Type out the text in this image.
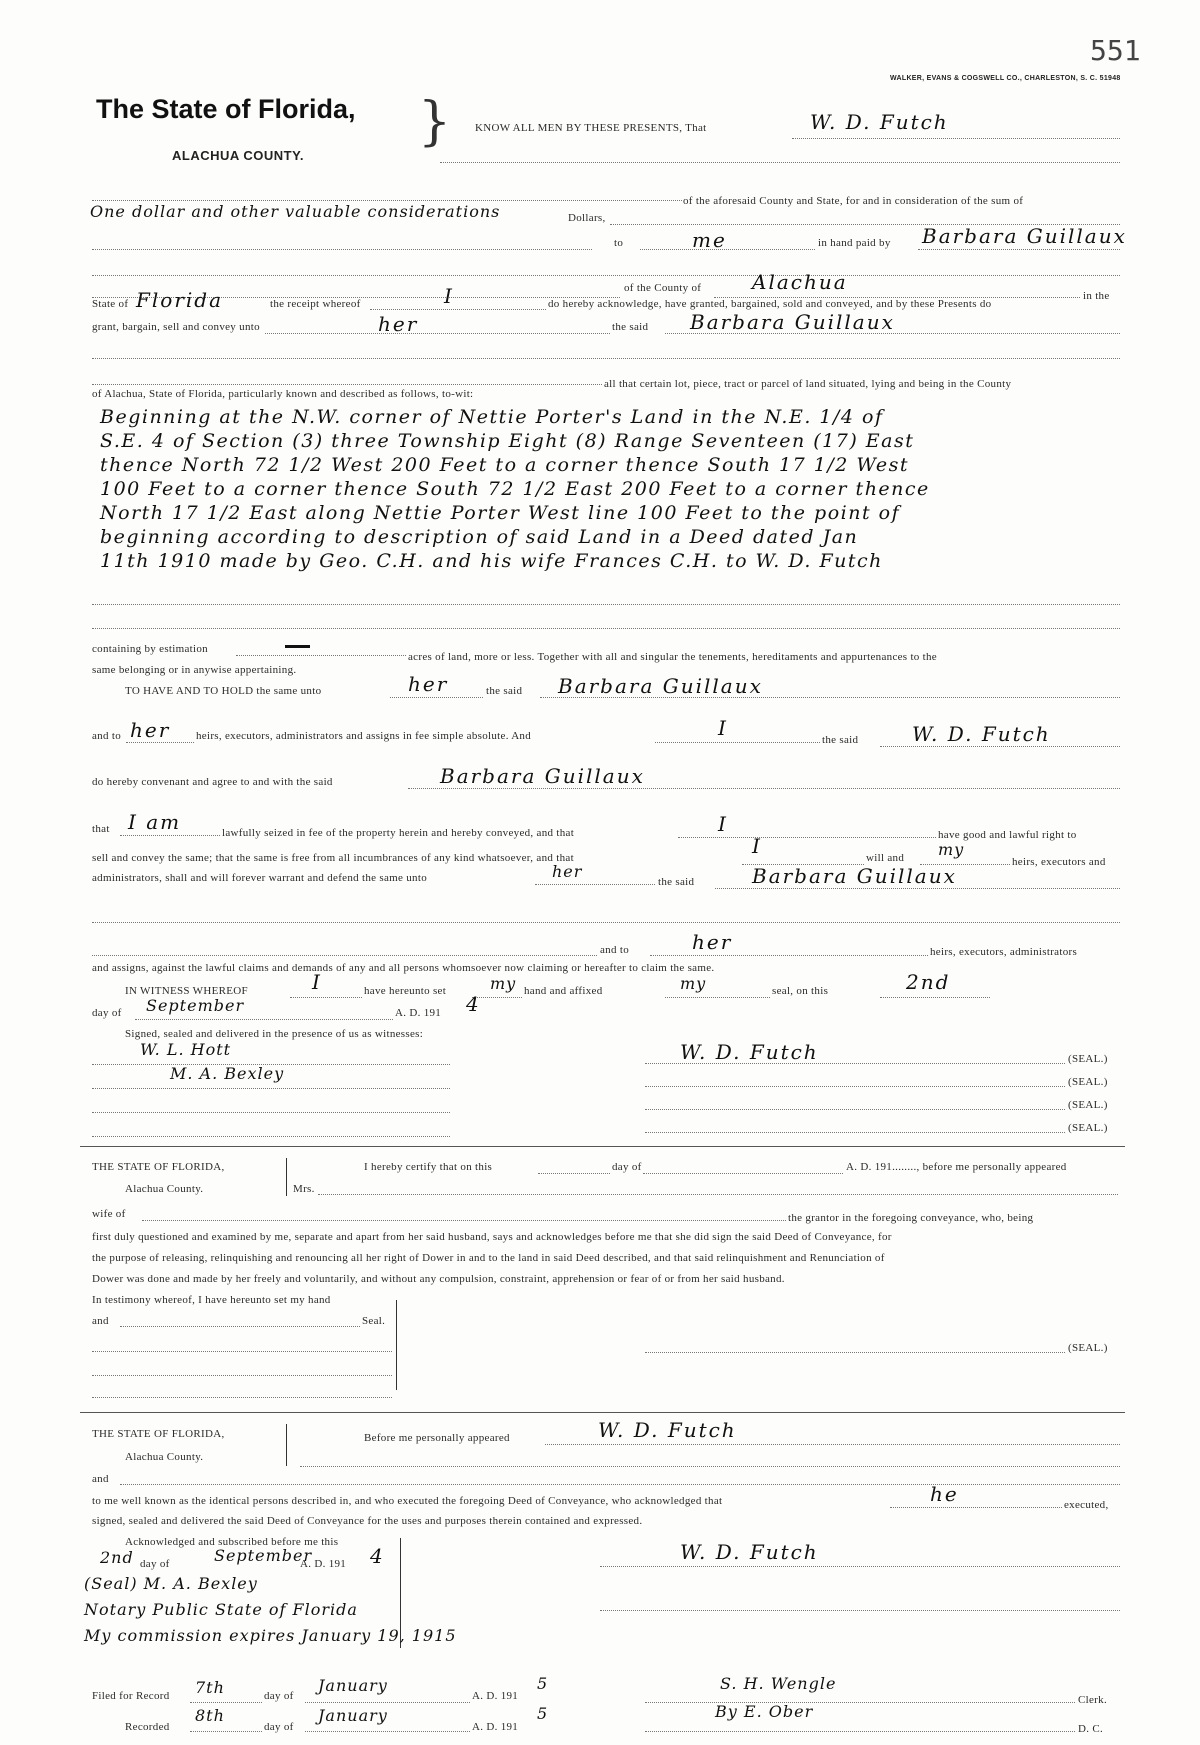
551
WALKER, EVANS & COGSWELL CO., CHARLESTON, S. C. 51948
The State of Florida,
ALACHUA COUNTY.
} KNOW ALL MEN BY THESE PRESENTS, That	W. D. Futch
of the aforesaid County and State, for and in consideration of the sum of
One dollar and other valuable considerations	Dollars,
to	me	in hand paid by Barbara Guillaux
of the County of	Alachua
in the
State of Florida	the receipt whereof	I	do hereby acknowledge, have granted, bargained, sold and conveyed, and by these Presents do
grant, bargain, sell and convey unto	her	the said Barbara Guillaux
all that certain lot, piece, tract or parcel of land situated, lying and being in the County
of Alachua, State of Florida, particularly known and described as follows, to-wit:
Beginning at the N.W. corner of Nettie Porter's Land in the N.E. 1/4 of
S.E. 4 of Section (3) three Township Eight (8) Range Seventeen (17) East
thence North 72 1/2 West 200 Feet to a corner thence South 17 1/2 West
100 Feet to a corner thence South 72 1/2 East 200 Feet to a corner thence
North 17 1/2 East along Nettie Porter West line 100 Feet to the point of
beginning according to description of said Land in a Deed dated Jan
11th 1910 made by Geo. C.H. and his wife Frances C.H. to W. D. Futch
containing by estimation
acres of land, more or less. Together with all and singular the tenements, hereditaments and appurtenances to the
same belonging or in anywise appertaining.
TO HAVE AND TO HOLD the same unto	her	the said Barbara Guillaux
and to her heirs, executors, administrators and assigns in fee simple absolute. And	I	the said	W. D. Futch
do hereby convenant and agree to and with the said	Barbara Guillaux
that I am	lawfully seized in fee of the property herein and hereby conveyed, and that	I	have good and lawful right to
sell and convey the same; that the same is free from all incumbrances of any kind whatsoever, and that	I	will and my
heirs, executors and
administrators, shall and will forever warrant and defend the same unto	her
the said	Barbara Guillaux
and to	her	heirs, executors, administrators
and assigns, against the lawful claims and demands of any and all persons whomsoever now claiming or hereafter to claim the same.
IN WITNESS WHEREOF	I	have hereunto set	my hand and affixed	my	seal, on this	2nd
day of September	A. D. 191 4
Signed, sealed and delivered in the presence of us as witnesses:
W. L. Hott
M. A. Bexley
W. D. Futch	(SEAL.)
(SEAL.)
(SEAL.)
(SEAL.)
THE STATE OF FLORIDA,
Alachua County.	Mrs.
I hereby certify that on this	day of	A. D. 191........, before me personally appeared
wife of	the grantor in the foregoing conveyance, who, being
first duly questioned and examined by me, separate and apart from her said husband, says and acknowledges before me that she did sign the said Deed of Conveyance, for
the purpose of releasing, relinquishing and renouncing all her right of Dower in and to the land in said Deed described, and that said relinquishment and Renunciation of
Dower was done and made by her freely and voluntarily, and without any compulsion, constraint, apprehension or fear of or from her said husband.
In testimony whereof, I have hereunto set my hand
and	Seal.
(SEAL.)
THE STATE OF FLORIDA,
Alachua County.
Before me personally appeared	W. D. Futch
and
to me well known as the identical persons described in, and who executed the foregoing Deed of Conveyance, who acknowledged that	he	executed,
signed, sealed and delivered the said Deed of Conveyance for the uses and purposes therein contained and expressed.
Acknowledged and subscribed before me this
2nd day of	September
A. D. 191 4
(Seal) M. A. Bexley
Notary Public State of Florida
My commission expires January 19, 1915
W. D. Futch
Filed for Record 7th	day of
January
A. D. 191
5
Recorded
8th
day of
January
A. D. 191
5
S. H. Wengle
Clerk.
By E. Ober
D. C.
